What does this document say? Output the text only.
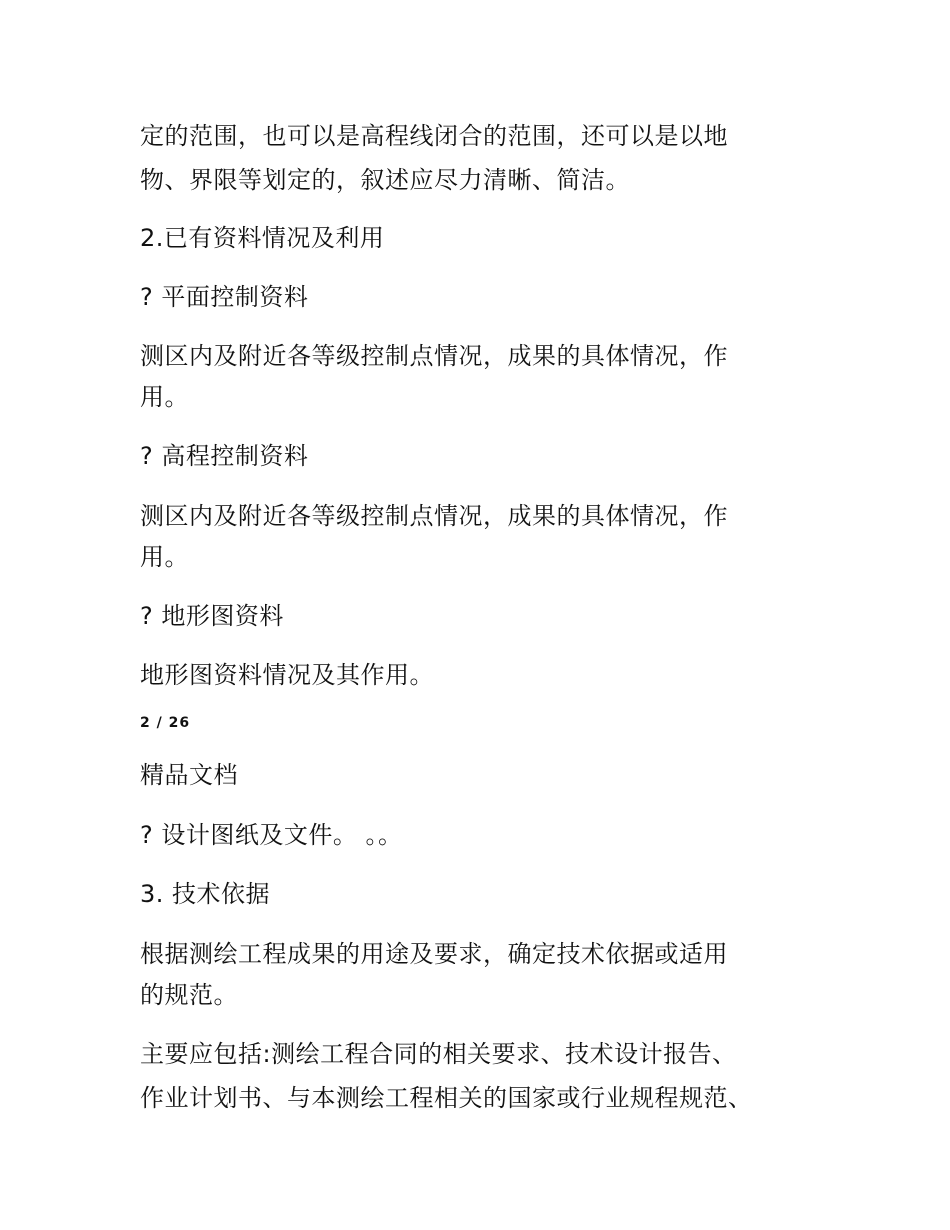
定的范围，也可以是高程线闭合的范围，还可以是以地
物、界限等划定的，叙述应尽力清晰、简洁。
2.已有资料情况及利用
? 平面控制资料
测区内及附近各等级控制点情况，成果的具体情况，作
用。
? 高程控制资料
测区内及附近各等级控制点情况，成果的具体情况，作
用。
? 地形图资料
地形图资料情况及其作用。
2 / 26
精品文档
? 设计图纸及文件。 。。
3. 技术依据
根据测绘工程成果的用途及要求，确定技术依据或适用
的规范。
主要应包括:测绘工程合同的相关要求、技术设计报告、
作业计划书、与本测绘工程相关的国家或行业规程规范、
